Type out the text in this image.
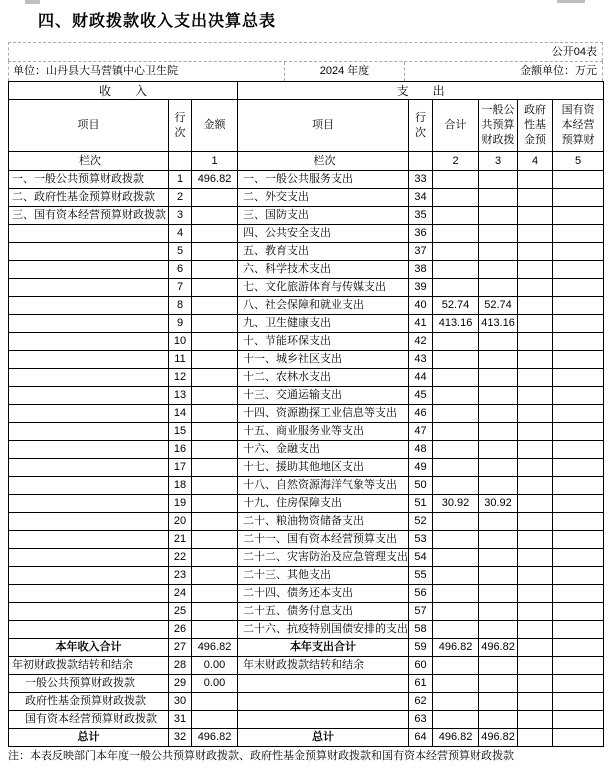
四、财政拨款收入支出决算总表
公开04表
单位：山丹县大马营镇中心卫生院	2024 年度	金额单位：万元
收　　入			支　　出					
项目	行次	金额	项目	行次	合计	一般公共预算财政拨	政府性基金预	国有资本经营预算财
栏次		1	栏次		2	3	4	5
一、一般公共预算财政拨款	1	496.82	一、一般公共服务支出	33				
二、政府性基金预算财政拨款	2		二、外交支出	34				
三、国有资本经营预算财政拨款	3		三、国防支出	35				
	4		四、公共安全支出	36				
	5		五、教育支出	37				
	6		六、科学技术支出	38				
	7		七、文化旅游体育与传媒支出	39				
	8		八、社会保障和就业支出	40	52.74	52.74		
	9		九、卫生健康支出	41	413.16	413.16		
	10		十、节能环保支出	42				
	11		十一、城乡社区支出	43				
	12		十二、农林水支出	44				
	13		十三、交通运输支出	45				
	14		十四、资源勘探工业信息等支出	46				
	15		十五、商业服务业等支出	47				
	16		十六、金融支出	48				
	17		十七、援助其他地区支出	49				
	18		十八、自然资源海洋气象等支出	50				
	19		十九、住房保障支出	51	30.92	30.92		
	20		二十、粮油物资储备支出	52				
	21		二十一、国有资本经营预算支出	53				
	22		二十二、灾害防治及应急管理支出	54				
	23		二十三、其他支出	55				
	24		二十四、债务还本支出	56				
	25		二十五、债务付息支出	57				
	26		二十六、抗疫特别国债安排的支出	58				
本年收入合计	27	496.82	本年支出合计	59	496.82	496.82		
年初财政拨款结转和结余	28	0.00	年末财政拨款结转和结余	60				
一般公共预算财政拨款	29	0.00		61				
政府性基金预算财政拨款	30			62				
国有资本经营预算财政拨款	31			63				
总计	32	496.82	总计	64	496.82	496.82		
注：本表反映部门本年度一般公共预算财政拨款、政府性基金预算财政拨款和国有资本经营预算财政拨款
